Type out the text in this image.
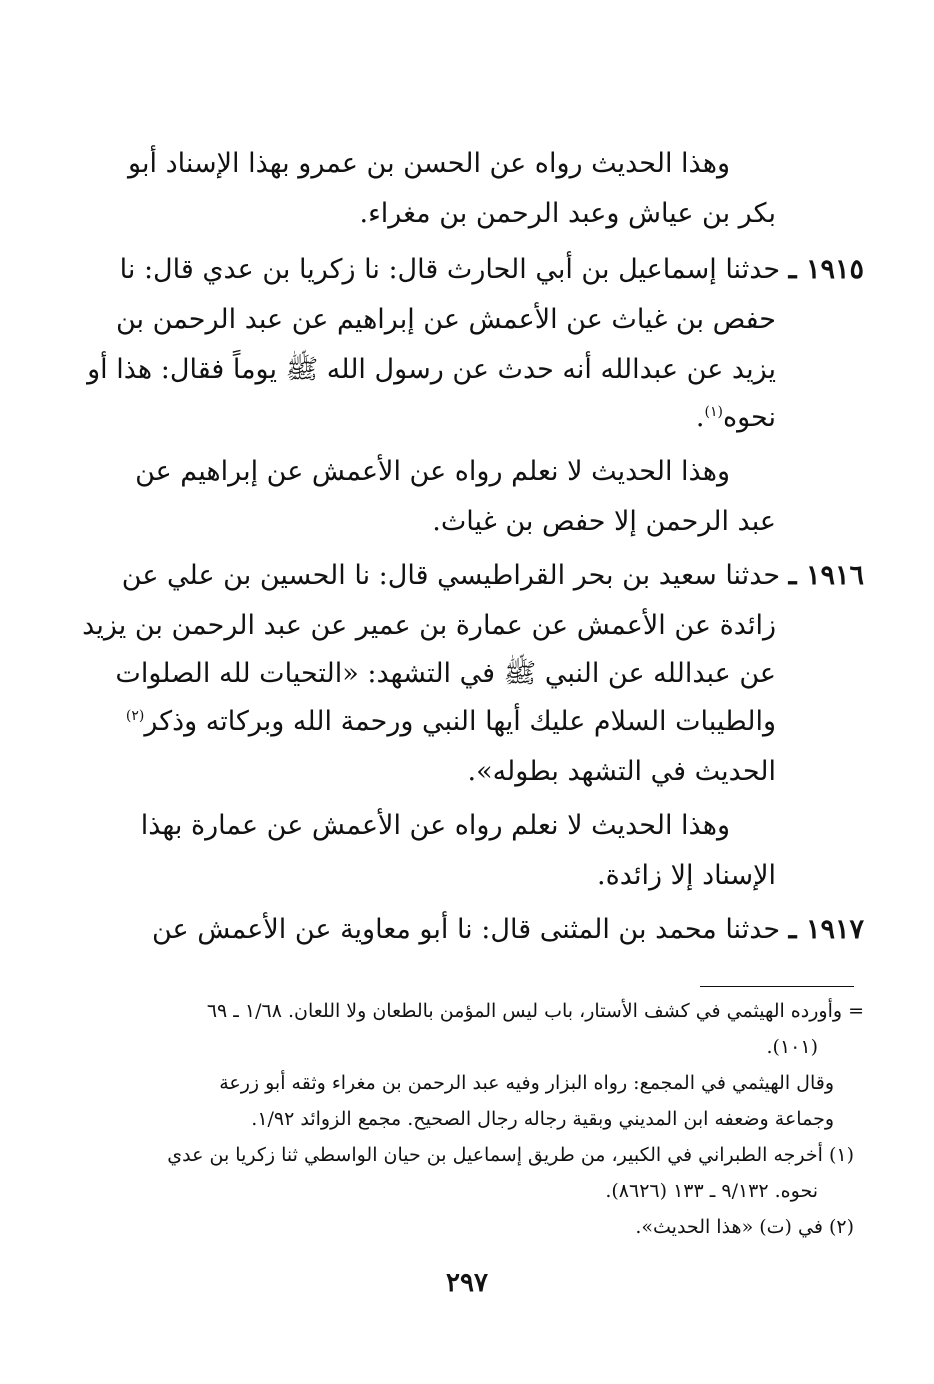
وهذا الحديث رواه عن الحسن بن عمرو بهذا الإسناد أبو

بكر بن عياش وعبد الرحمن بن مغراء.

١٩١٥ ـ حدثنا إسماعيل بن أبي الحارث قال: نا زكريا بن عدي قال: نا

حفص بن غياث عن الأعمش عن إبراهيم عن عبد الرحمن بن

يزيد عن عبدالله أنه حدث عن رسول الله ﷺ يوماً فقال: هذا أو

نحوه$^{(١)}$.

وهذا الحديث لا نعلم رواه عن الأعمش عن إبراهيم عن

عبد الرحمن إلا حفص بن غياث.

١٩١٦ ـ حدثنا سعيد بن بحر القراطيسي قال: نا الحسين بن علي عن

زائدة عن الأعمش عن عمارة بن عمير عن عبد الرحمن بن يزيد

عن عبدالله عن النبي ﷺ في التشهد: «التحيات لله الصلوات

والطيبات السلام عليك أيها النبي ورحمة الله وبركاته وذكر$^{(٢)}$

الحديث في التشهد بطوله».

وهذا الحديث لا نعلم رواه عن الأعمش عن عمارة بهذا

الإسناد إلا زائدة.

١٩١٧ ـ حدثنا محمد بن المثنى قال: نا أبو معاوية عن الأعمش عن

= وأورده الهيثمي في كشف الأستار، باب ليس المؤمن بالطعان ولا اللعان. ١/٦٨ ـ ٦٩

(١٠١).

وقال الهيثمي في المجمع: رواه البزار وفيه عبد الرحمن بن مغراء وثقه أبو زرعة

وجماعة وضعفه ابن المديني وبقية رجاله رجال الصحيح. مجمع الزوائد ١/٩٢.

(١) أخرجه الطبراني في الكبير، من طريق إسماعيل بن حيان الواسطي ثنا زكريا بن عدي

نحوه. ٩/١٣٢ ـ ١٣٣ (٨٦٢٦).

(٢) في (ت) «هذا الحديث».

٢٩٧
